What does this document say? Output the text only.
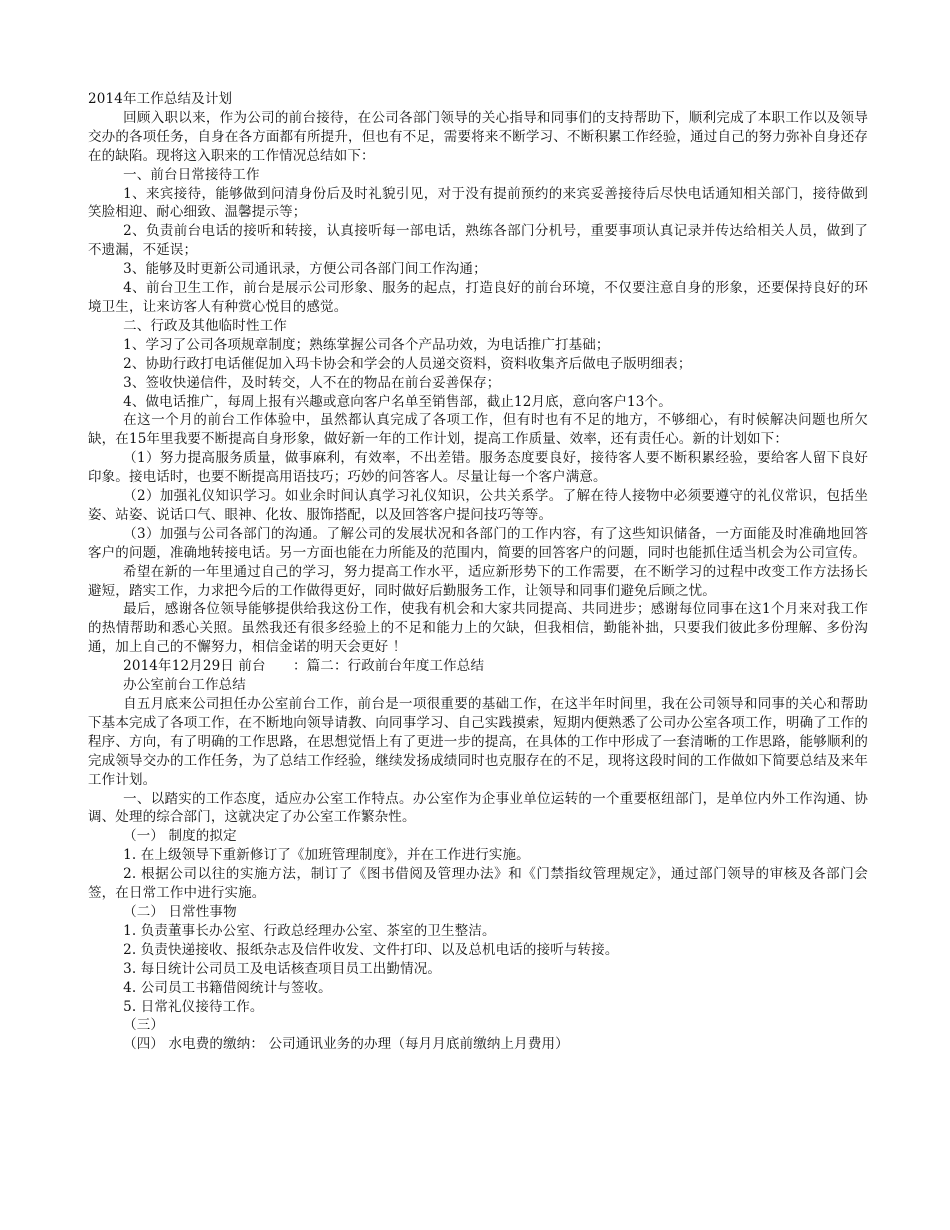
2014年工作总结及计划
回顾入职以来，作为公司的前台接待，在公司各部门领导的关心指导和同事们的支持帮助下，顺利完成了本职工作以及领导交办的各项任务，自身在各方面都有所提升，但也有不足，需要将来不断学习、不断积累工作经验，通过自己的努力弥补自身还存在的缺陷。现将这入职来的工作情况总结如下：
一、前台日常接待工作
1、来宾接待，能够做到问清身份后及时礼貌引见，对于没有提前预约的来宾妥善接待后尽快电话通知相关部门，接待做到笑脸相迎、耐心细致、温馨提示等；
2、负责前台电话的接听和转接，认真接听每一部电话，熟练各部门分机号，重要事项认真记录并传达给相关人员，做到了不遗漏，不延误；
3、能够及时更新公司通讯录，方便公司各部门间工作沟通；
4、前台卫生工作，前台是展示公司形象、服务的起点，打造良好的前台环境，不仅要注意自身的形象，还要保持良好的环境卫生，让来访客人有种赏心悦目的感觉。
二、行政及其他临时性工作
1、学习了公司各项规章制度；熟练掌握公司各个产品功效，为电话推广打基础；
2、协助行政打电话催促加入玛卡协会和学会的人员递交资料，资料收集齐后做电子版明细表；
3、签收快递信件，及时转交，人不在的物品在前台妥善保存；
4、做电话推广，每周上报有兴趣或意向客户名单至销售部，截止12月底，意向客户13个。
在这一个月的前台工作体验中，虽然都认真完成了各项工作，但有时也有不足的地方，不够细心，有时候解决问题也所欠缺，在15年里我要不断提高自身形象，做好新一年的工作计划，提高工作质量、效率，还有责任心。新的计划如下：
（1）努力提高服务质量，做事麻利，有效率，不出差错。服务态度要良好，接待客人要不断积累经验，要给客人留下良好印象。接电话时，也要不断提高用语技巧；巧妙的问答客人。尽量让每一个客户满意。
（2）加强礼仪知识学习。如业余时间认真学习礼仪知识，公共关系学。了解在待人接物中必须要遵守的礼仪常识，包括坐姿、站姿、说话口气、眼神、化妆、服饰搭配，以及回答客户提问技巧等等。
（3）加强与公司各部门的沟通。了解公司的发展状况和各部门的工作内容，有了这些知识储备，一方面能及时准确地回答客户的问题，准确地转接电话。另一方面也能在力所能及的范围内，简要的回答客户的问题，同时也能抓住适当机会为公司宣传。
希望在新的一年里通过自己的学习，努力提高工作水平，适应新形势下的工作需要，在不断学习的过程中改变工作方法扬长避短，踏实工作，力求把今后的工作做得更好，同时做好后勤服务工作，让领导和同事们避免后顾之忧。
最后，感谢各位领导能够提供给我这份工作，使我有机会和大家共同提高、共同进步；感谢每位同事在这1个月来对我工作的热情帮助和悉心关照。虽然我还有很多经验上的不足和能力上的欠缺，但我相信，勤能补拙，只要我们彼此多份理解、多份沟通，加上自己的不懈努力，相信金诺的明天会更好 ！
2014年12月29日 前台　　：篇二：行政前台年度工作总结
办公室前台工作总结
自五月底来公司担任办公室前台工作，前台是一项很重要的基础工作，在这半年时间里，我在公司领导和同事的关心和帮助下基本完成了各项工作，在不断地向领导请教、向同事学习、自己实践摸索，短期内便熟悉了公司办公室各项工作，明确了工作的程序、方向，有了明确的工作思路，在思想觉悟上有了更进一步的提高，在具体的工作中形成了一套清晰的工作思路，能够顺利的完成领导交办的工作任务，为了总结工作经验，继续发扬成绩同时也克服存在的不足，现将这段时间的工作做如下简要总结及来年工作计划。
一、以踏实的工作态度，适应办公室工作特点。办公室作为企事业单位运转的一个重要枢纽部门，是单位内外工作沟通、协调、处理的综合部门，这就决定了办公室工作繁杂性。
（一） 制度的拟定
1. 在上级领导下重新修订了《加班管理制度》，并在工作进行实施。
2. 根据公司以往的实施方法，制订了《图书借阅及管理办法》和《门禁指纹管理规定》，通过部门领导的审核及各部门会签，在日常工作中进行实施。
（二） 日常性事物
1. 负责董事长办公室、行政总经理办公室、茶室的卫生整洁。
2. 负责快递接收、报纸杂志及信件收发、文件打印、以及总机电话的接听与转接。
3. 每日统计公司员工及电话核查项目员工出勤情况。
4. 公司员工书籍借阅统计与签收。
5. 日常礼仪接待工作。
（三）
（四） 水电费的缴纳： 公司通讯业务的办理（每月月底前缴纳上月费用）
